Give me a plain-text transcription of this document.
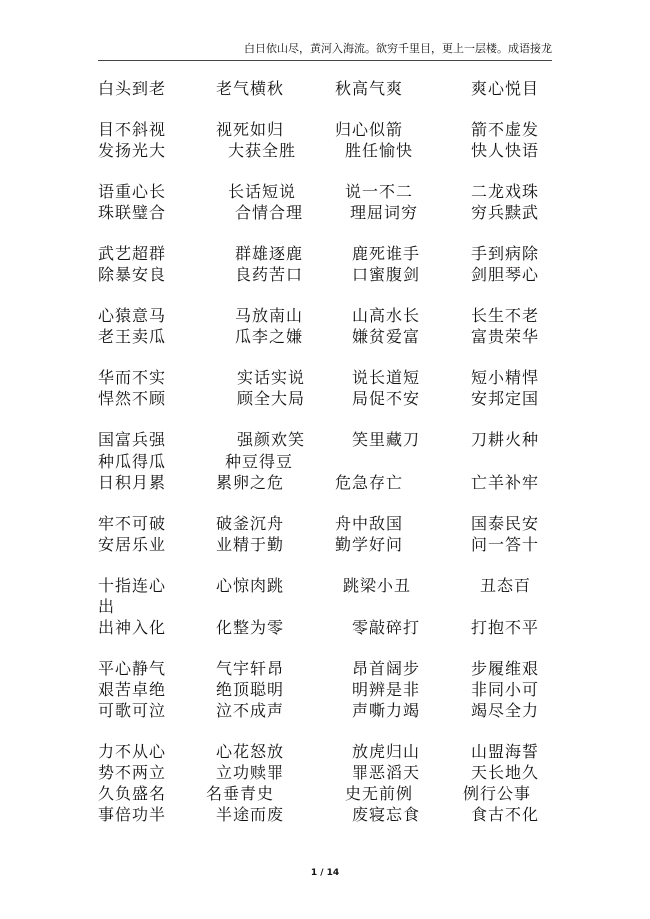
白日依山尽，黄河入海流。欲穷千里目，更上一层楼。成语接龙
白头到老	老气横秋	秋高气爽	爽心悦目
目不斜视	视死如归	归心似箭	箭不虚发
发扬光大	大获全胜	胜任愉快	快人快语
语重心长	长话短说	说一不二	二龙戏珠
珠联璧合	合情合理	理屈词穷	穷兵黩武
武艺超群	群雄逐鹿	鹿死谁手	手到病除
除暴安良	良药苦口	口蜜腹剑	剑胆琴心
心猿意马	马放南山	山高水长	长生不老
老王卖瓜	瓜李之嫌	嫌贫爱富	富贵荣华
华而不实	实话实说	说长道短	短小精悍
悍然不顾	顾全大局	局促不安	安邦定国
国富兵强	强颜欢笑	笑里藏刀	刀耕火种
种瓜得瓜	种豆得豆
日积月累	累卵之危	危急存亡	亡羊补牢
牢不可破	破釜沉舟	舟中敌国	国泰民安
安居乐业	业精于勤	勤学好问	问一答十
十指连心	心惊肉跳	跳梁小丑	丑态百
出
出神入化	化整为零	零敲碎打	打抱不平
平心静气	气宇轩昂	昂首阔步	步履维艰
艰苦卓绝	绝顶聪明	明辨是非	非同小可
可歌可泣	泣不成声	声嘶力竭	竭尽全力
力不从心	心花怒放	放虎归山	山盟海誓
势不两立	立功赎罪	罪恶滔天	天长地久
久负盛名 名垂青史	史无前例	例行公事
事倍功半	半途而废	废寝忘食	食古不化
1 / 14
